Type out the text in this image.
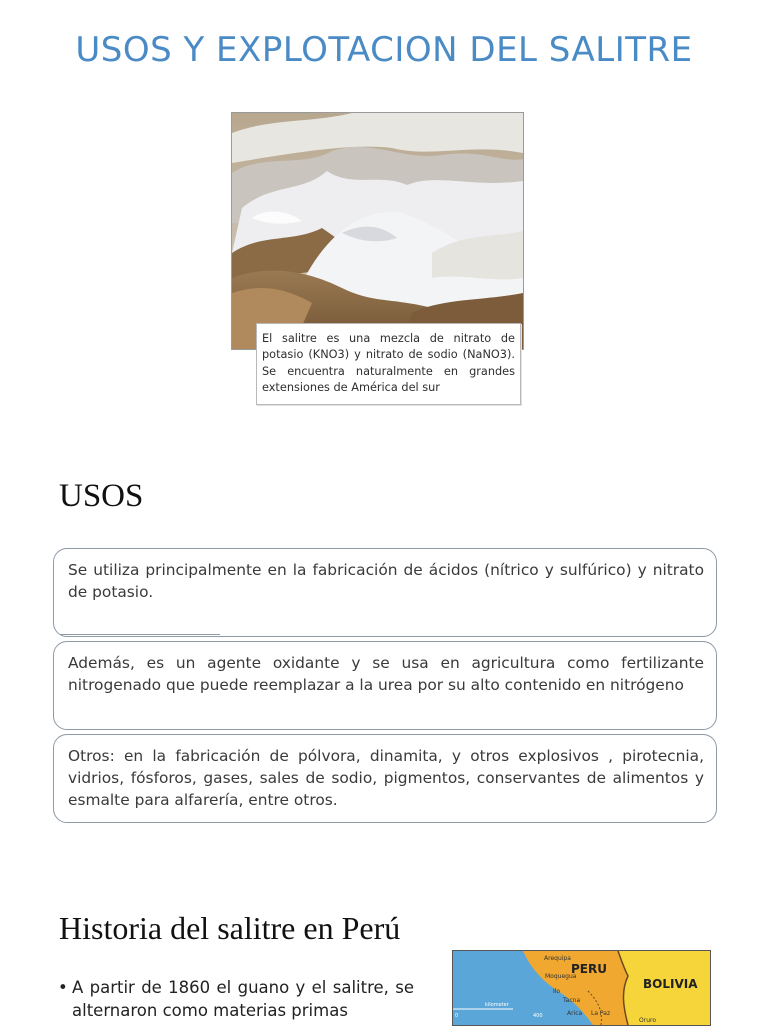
USOS Y EXPLOTACION DEL SALITRE
El salitre es una mezcla de nitrato de potasio (KNO3) y nitrato de sodio (NaNO3). Se encuentra naturalmente en grandes extensiones de América del sur
USOS
Se utiliza principalmente en la fabricación de ácidos (nítrico y sulfúrico) y nitrato de potasio.
Además, es un agente oxidante y se usa en agricultura como fertilizante nitrogenado que puede reemplazar a la urea por su alto contenido en nitrógeno
Otros: en la fabricación de pólvora, dinamita, y otros explosivos , pirotecnia, vidrios, fósforos, gases, sales de sodio, pigmentos, conservantes de alimentos y esmalte para alfarería, entre otros.
Historia del salitre en Perú
• A partir de 1860 el guano y el salitre, se alternaron como materias primas
Arequipa
PERU
BOLIVIA
Moquegua
Ilo
Tacna
Arica La Paz
Oruro
kilometer
0	400
